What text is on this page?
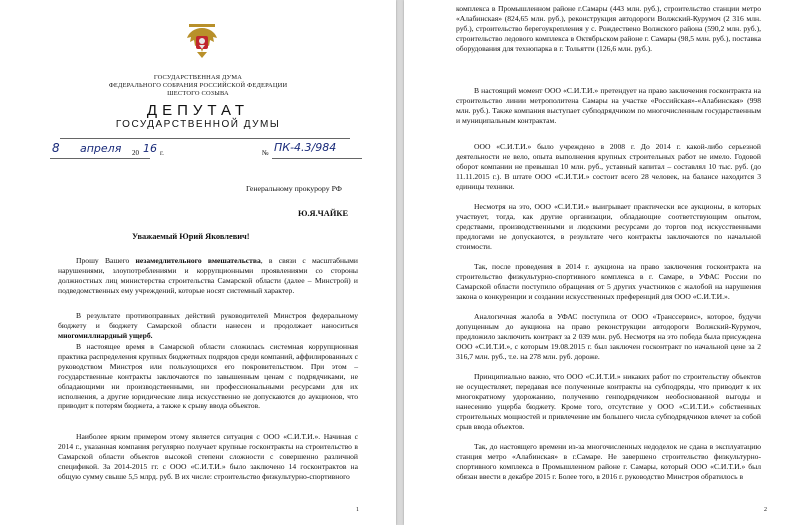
ГОСУДАРСТВЕННАЯ ДУМА
ФЕДЕРАЛЬНОГО СОБРАНИЯ РОССИЙСКОЙ ФЕДЕРАЦИИ
ШЕСТОГО СОЗЫВА
ДЕПУТАТ
ГОСУДАРСТВЕННОЙ ДУМЫ
8 апреля 20 16 г.	№ ПК-4.3/984
Генеральному прокурору РФ
Ю.Я.ЧАЙКЕ
Уважаемый Юрий Яковлевич!
Прошу Вашего незамедлительного вмешательства, в связи с масштабными нарушениями, злоупотреблениями и коррупционными проявлениями со стороны должностных лиц министерства строительства Самарской области (далее – Минстрой) и подведомственных ему учреждений, которые носят системный характер.
В результате противоправных действий руководителей Минстроя федеральному бюджету и бюджету Самарской области нанесен и продолжает наноситься многомиллиардный ущерб.
В настоящее время в Самарской области сложилась системная коррупционная практика распределения крупных бюджетных подрядов среди компаний, аффилированных с руководством Минстроя или пользующихся его покровительством. При этом – государственные контракты заключаются по завышенным ценам с подрядчиками, не обладающими ни производственными, ни профессиональными ресурсами для их исполнения, а другие юридические лица искусственно не допускаются до аукционов, что приводит к потерям бюджета, а также к срыву ввода объектов.
Наиболее ярким примером этому является ситуация с ООО «С.И.Т.И.». Начиная с 2014 г., указанная компания регулярно получает крупные госконтракты на строительство в Самарской области объектов высокой степени сложности с совершенно различной спецификой. За 2014-2015 гг. с ООО «С.И.Т.И.» было заключено 14 госконтрактов на общую сумму свыше 5,5 млрд. руб. В их числе: строительство физкультурно-спортивного
1
комплекса в Промышленном районе г.Самары (443 млн. руб.), строительство станции метро «Алабинская» (824,65 млн. руб.), реконструкция автодороги Волжский-Курумоч (2 316 млн. руб.), строительство берегоукрепления у с. Рождествено Волжского района (590,2 млн. руб.), строительство ледового комплекса в Октябрьском районе г. Самары (98,5 млн. руб.), поставка оборудования для технопарка в г. Тольятти (126,6 млн. руб.).
В настоящий момент ООО «С.И.Т.И.» претендует на право заключения госконтракта на строительство линии метрополитена Самары на участке «Российская»-«Алабинская» (998 млн. руб.). Также компания выступает субподрядчиком по многочисленным государственным и муниципальным контрактам.
ООО «С.И.Т.И.» было учреждено в 2008 г. До 2014 г. какой-либо серьезной деятельности не вело, опыта выполнения крупных строительных работ не имело. Годовой оборот компании не превышал 10 млн. руб., уставный капитал – составлял 10 тыс. руб. (до 11.11.2015 г.). В штате ООО «С.И.Т.И.» состоит всего 28 человек, на балансе находится 3 единицы техники.
Несмотря на это, ООО «С.И.Т.И.» выигрывает практически все аукционы, в которых участвует, тогда, как другие организации, обладающие соответствующим опытом, средствами, производственными и людскими ресурсами до торгов под искусственными предлогами не допускаются, в результате чего контракты заключаются по начальной стоимости.
Так, после проведения в 2014 г. аукциона на право заключения госконтракта на строительство физкультурно-спортивного комплекса в г. Самаре, в УФАС России по Самарской области поступило обращения от 5 других участников с жалобой на нарушения закона о конкуренции и создании искусственных преференций для ООО «С.И.Т.И.».
Аналогичная жалоба в УФАС поступила от ООО «Транссервис», которое, будучи допущенным до аукциона на право реконструкции автодороги Волжский-Курумоч, предложило заключить контракт за 2 039 млн. руб. Несмотря на это победа была присуждена ООО «С.И.Т.И.», с которым 19.08.2015 г. был заключен госконтракт по начальной цене за 2 316,7 млн. руб., т.е. на 278 млн. руб. дороже.
Принципиально важно, что ООО «С.И.Т.И.» никаких работ по строительству объектов не осуществляет, передавая все полученные контракты на субподряды, что приводит к их многократному удорожанию, получению генподрядчиком необоснованной выгоды и нанесению ущерба бюджету. Кроме того, отсутствие у ООО «С.И.Т.И.» собственных строительных мощностей и привлечение им большего числа субподрядчиков влечет за собой срыв ввода объектов.
Так, до настоящего времени из-за многочисленных недоделок не сдана в эксплуатацию станция метро «Алабинская» в г.Самаре. Не завершено строительство физкультурно-спортивного комплекса в Промышленном районе г. Самары, который ООО «С.И.Т.И.» был обязан ввести в декабре 2015 г. Более того, в 2016 г. руководство Минстроя обратилось в
2
